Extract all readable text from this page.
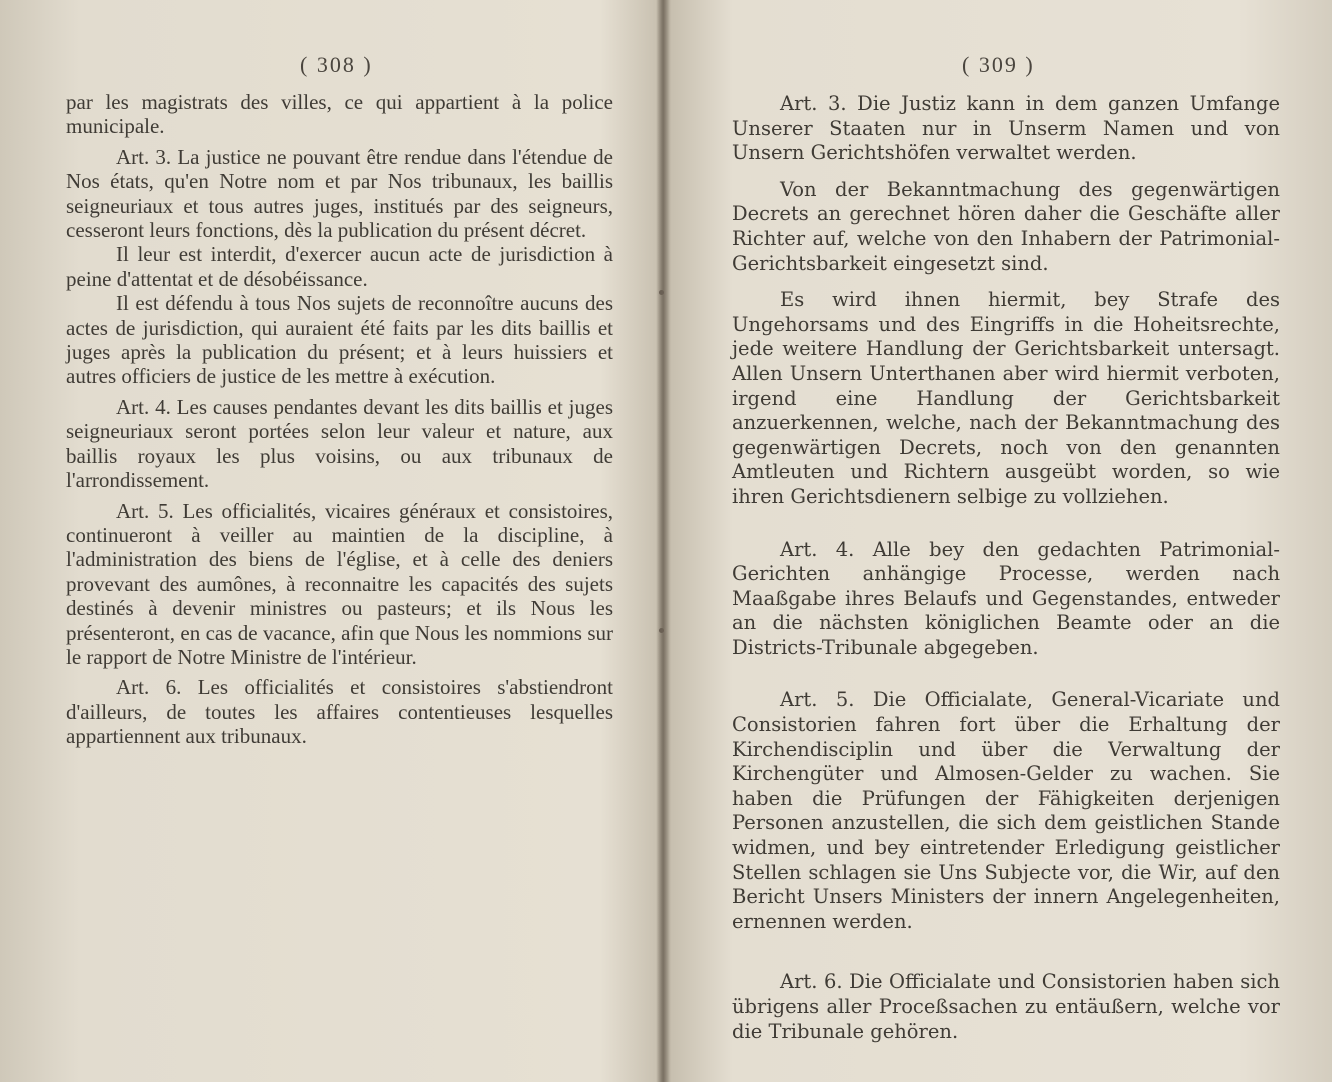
( 308 )

par les magistrats des villes, ce qui appartient à la police municipale.

Art. 3. La justice ne pouvant être rendue dans l'étendue de Nos états, qu'en Notre nom et par Nos tribunaux, les baillis seigneuriaux et tous autres juges, institués par des seigneurs, cesseront leurs fonctions, dès la publication du présent décret.

Il leur est interdit, d'exercer aucun acte de jurisdiction à peine d'attentat et de désobéissance.

Il est défendu à tous Nos sujets de reconnoître aucuns des actes de jurisdiction, qui auraient été faits par les dits baillis et juges après la publication du présent; et à leurs huissiers et autres officiers de justice de les mettre à exécution.

Art. 4. Les causes pendantes devant les dits baillis et juges seigneuriaux seront portées selon leur valeur et nature, aux baillis royaux les plus voisins, ou aux tribunaux de l'arrondissement.

Art. 5. Les officialités, vicaires généraux et consistoires, continueront à veiller au maintien de la discipline, à l'administration des biens de l'église, et à celle des deniers provevant des aumônes, à reconnaitre les capacités des sujets destinés à devenir ministres ou pasteurs; et ils Nous les présenteront, en cas de vacance, afin que Nous les nommions sur le rapport de Notre Ministre de l'intérieur.

Art. 6. Les officialités et consistoires s'abstiendront d'ailleurs, de toutes les affaires contentieuses lesquelles appartiennent aux tribunaux.

( 309 )

Art. 3. Die Justiz kann in dem ganzen Umfange Unserer Staaten nur in Unserm Namen und von Unsern Gerichtshöfen verwaltet werden.

Von der Bekanntmachung des gegenwärtigen Decrets an gerechnet hören daher die Geschäfte aller Richter auf, welche von den Inhabern der Patrimonial-Gerichtsbarkeit eingesetzt sind.

Es wird ihnen hiermit, bey Strafe des Ungehorsams und des Eingriffs in die Hoheitsrechte, jede weitere Handlung der Gerichtsbarkeit untersagt. Allen Unsern Unterthanen aber wird hiermit verboten, irgend eine Handlung der Gerichtsbarkeit anzuerkennen, welche, nach der Bekanntmachung des gegenwärtigen Decrets, noch von den genannten Amtleuten und Richtern ausgeübt worden, so wie ihren Gerichtsdienern selbige zu vollziehen.

Art. 4. Alle bey den gedachten Patrimonial-Gerichten anhängige Processe, werden nach Maaßgabe ihres Belaufs und Gegenstandes, entweder an die nächsten königlichen Beamte oder an die Districts-Tribunale abgegeben.

Art. 5. Die Officialate, General-Vicariate und Consistorien fahren fort über die Erhaltung der Kirchendisciplin und über die Verwaltung der Kirchengüter und Almosen-Gelder zu wachen. Sie haben die Prüfungen der Fähigkeiten derjenigen Personen anzustellen, die sich dem geistlichen Stande widmen, und bey eintretender Erledigung geistlicher Stellen schlagen sie Uns Subjecte vor, die Wir, auf den Bericht Unsers Ministers der innern Angelegenheiten, ernennen werden.

Art. 6. Die Officialate und Consistorien haben sich übrigens aller Proceßsachen zu entäußern, welche vor die Tribunale gehören.
